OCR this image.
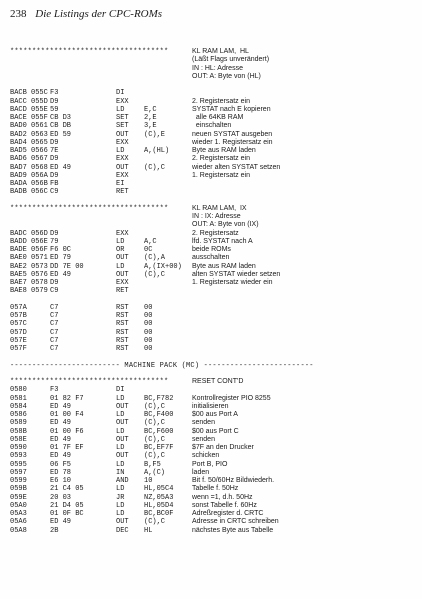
238 Die Listings der CPC-ROMs
************************************	KL RAM LAM,  HL
(Läßt Flags unverändert)
IN : HL: Adresse
OUT: A: Byte von (HL)
BACB 055C F3	DI
BACC 055D D9	EXX	2. Registersatz ein
BACD 055E 59	LD	E,C	SYSTAT nach E kopieren
BACE 055F CB D3	SET 2,E	alle 64KB RAM
BAD0 0561 CB DB	SET 3,E	einschalten
BAD2 0563 ED 59	OUT (C),E	neuen SYSTAT ausgeben
BAD4 0565 D9	EXX	wieder 1. Registersatz ein
BAD5 0566 7E	LD	A,(HL)	Byte aus RAM laden
BAD6 0567 D9	EXX	2. Registersatz ein
BAD7 0568 ED 49	OUT (C),C	wieder alten SYSTAT setzen
BAD9 056A D9	EXX	1. Registersatz ein
BADA 056B FB	EI
BADB 056C C9	RET
************************************	KL RAM LAM,  IX
IN : IX: Adresse
OUT: A: Byte von (IX)
BADC 056D D9	EXX	2. Registersatz
BADD 056E 79	LD	A,C	lfd. SYSTAT nach A
BADE 056F F6 0C	OR	0C	beide ROMs
BAE0 0571 ED 79	OUT (C),A	ausschalten
BAE2 0573 DD 7E 00	LD	A,(IX+00) Byte aus RAM laden
BAE5 0576 ED 49	OUT (C),C	alten SYSTAT wieder setzen
BAE7 0578 D9	EXX	1. Registersatz wieder ein
BAE8 0579 C9	RET
057A	C7	RST 00
057B	C7	RST 00
057C	C7	RST 00
057D	C7	RST 00
057E	C7	RST 00
057F	C7	RST 00
------------------------- MACHINE PACK (MC) -------------------------
************************************	RESET CONT'D
0580	F3	DI
0581	01 82 F7	LD	BC,F782	Kontrollregister PIO 8255
0584	ED 49	OUT (C),C	initialisieren
0586	01 00 F4	LD	BC,F400	$00 aus Port A
0589	ED 49	OUT (C),C	senden
058B	01 00 F6	LD	BC,F600	$00 aus Port C
058E	ED 49	OUT (C),C	senden
0590	01 7F EF	LD	BC,EF7F	$7F an den Drucker
0593	ED 49	OUT (C),C	schicken
0595	06 F5	LD	B,F5	Port B, PIO
0597	ED 78	IN	A,(C)	laden
0599	E6 10	AND 10	Bit f. 50/60Hz Bildwiederh.
059B	21 C4 05	LD	HL,05C4	Tabelle f. 50Hz
059E	20 03	JR	NZ,05A3	wenn =1, d.h. 50Hz
05A0	21 D4 05	LD	HL,05D4	sonst Tabelle f. 60Hz
05A3	01 0F BC	LD	BC,BC0F	Adreßregister d. CRTC
05A6	ED 49	OUT (C),C	Adresse in CRTC schreiben
05A8	2B	DEC HL	nächstes Byte aus Tabelle
